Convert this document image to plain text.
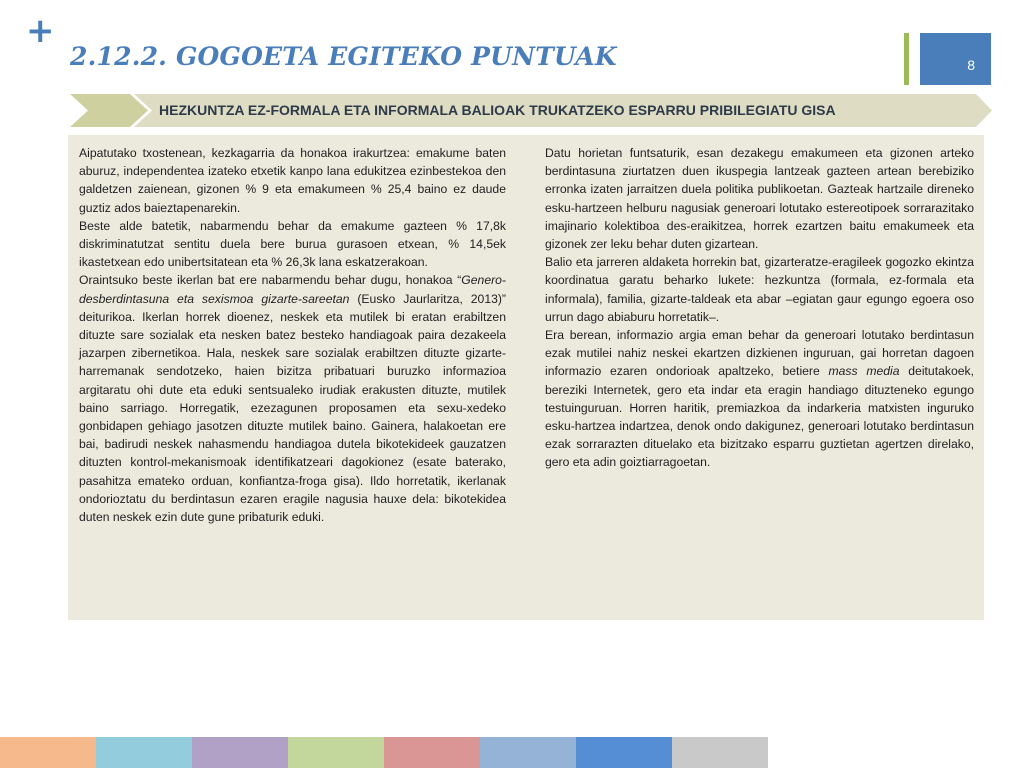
+
2.12.2. GOGOETA EGITEKO PUNTUAK	8
HEZKUNTZA EZ-FORMALA ETA INFORMALA BALIOAK TRUKATZEKO ESPARRU PRIBILEGIATU GISA

Aipatutako txostenean, kezkagarria da honakoa irakurtzea: emakume baten aburuz, independentea izateko etxetik kanpo lana edukitzea ezinbestekoa den galdetzen zaienean, gizonen % 9 eta emakumeen % 25,4 baino ez daude guztiz ados baieztapenarekin.

Beste alde batetik, nabarmendu behar da emakume gazteen % 17,8k diskriminatutzat sentitu duela bere burua gurasoen etxean, % 14,5ek ikastetxean edo unibertsitatean eta % 26,3k lana eskatzerakoan.

Oraintsuko beste ikerlan bat ere nabarmendu behar dugu, honakoa “Genero-desberdintasuna eta sexismoa gizarte-sareetan (Eusko Jaurlaritza, 2013)” deiturikoa. Ikerlan horrek dioenez, neskek eta mutilek bi eratan erabiltzen dituzte sare sozialak eta nesken batez besteko handiagoak paira dezakeela jazarpen zibernetikoa. Hala, neskek sare sozialak erabiltzen dituzte gizarte-harremanak sendotzeko, haien bizitza pribatuari buruzko informazioa argitaratu ohi dute eta eduki sentsualeko irudiak erakusten dituzte, mutilek baino sarriago. Horregatik, ezezagunen proposamen eta sexu-xedeko gonbidapen gehiago jasotzen dituzte mutilek baino. Gainera, halakoetan ere bai, badirudi neskek nahasmendu handiagoa dutela bikotekideek gauzatzen dituzten kontrol-mekanismoak identifikatzeari dagokionez (esate baterako, pasahitza emateko orduan, konfiantza-froga gisa). Ildo horretatik, ikerlanak ondorioztatu du berdintasun ezaren eragile nagusia hauxe dela: bikotekidea duten neskek ezin dute gune pribaturik eduki.

Datu horietan funtsaturik, esan dezakegu emakumeen eta gizonen arteko berdintasuna ziurtatzen duen ikuspegia lantzeak gazteen artean berebiziko erronka izaten jarraitzen duela politika publikoetan. Gazteak hartzaile direneko esku-hartzeen helburu nagusiak generoari lotutako estereotipoek sorrarazitako imajinario kolektiboa des-eraikitzea, horrek ezartzen baitu emakumeek eta gizonek zer leku behar duten gizartean.

Balio eta jarreren aldaketa horrekin bat, gizarteratze-eragileek gogozko ekintza koordinatua garatu beharko lukete: hezkuntza (formala, ez-formala eta informala), familia, gizarte-taldeak eta abar –egiatan gaur egungo egoera oso urrun dago abiaburu horretatik–.

Era berean, informazio argia eman behar da generoari lotutako berdintasun ezak mutilei nahiz neskei ekartzen dizkienen inguruan, gai horretan dagoen informazio ezaren ondorioak apaltzeko, betiere mass media deitutakoek, bereziki Internetek, gero eta indar eta eragin handiago dituzteneko egungo testuinguruan. Horren haritik, premiazkoa da indarkeria matxisten inguruko esku-hartzea indartzea, denok ondo dakigunez, generoari lotutako berdintasun ezak sorrarazten dituelako eta bizitzako esparru guztietan agertzen direlako, gero eta adin goiztiarragoetan.
